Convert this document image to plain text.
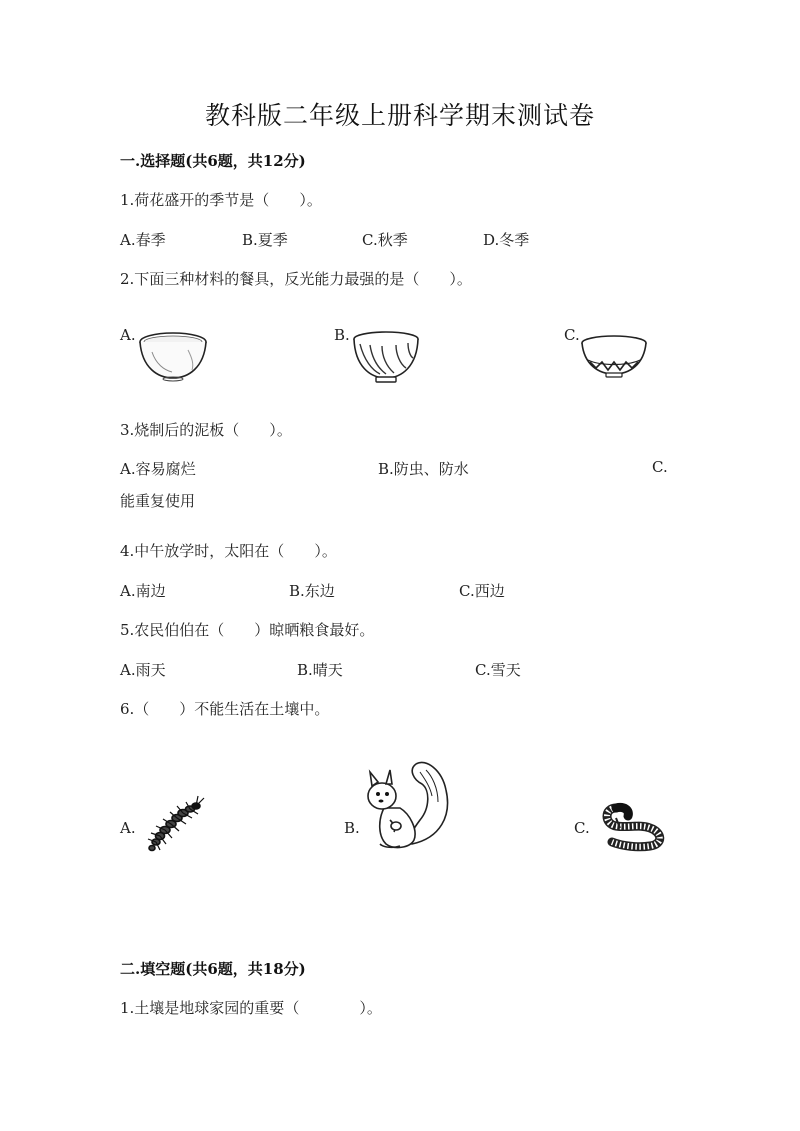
教科版二年级上册科学期末测试卷
一.选择题(共6题，共12分)
1.荷花盛开的季节是（　　）。
A.春季	B.夏季	C.秋季	D.冬季
2.下面三种材料的餐具，反光能力最强的是（　　）。
A.	B.	C.
3.烧制后的泥板（　　）。
A.容易腐烂	B.防虫、防水	C.
能重复使用
4.中午放学时，太阳在（　　）。
A.南边	B.东边	C.西边
5.农民伯伯在（　　）晾晒粮食最好。
A.雨天	B.晴天	C.雪天
6.（　　）不能生活在土壤中。
A.	B.	C.
二.填空题(共6题，共18分)
1.土壤是地球家园的重要（　　　　）。
